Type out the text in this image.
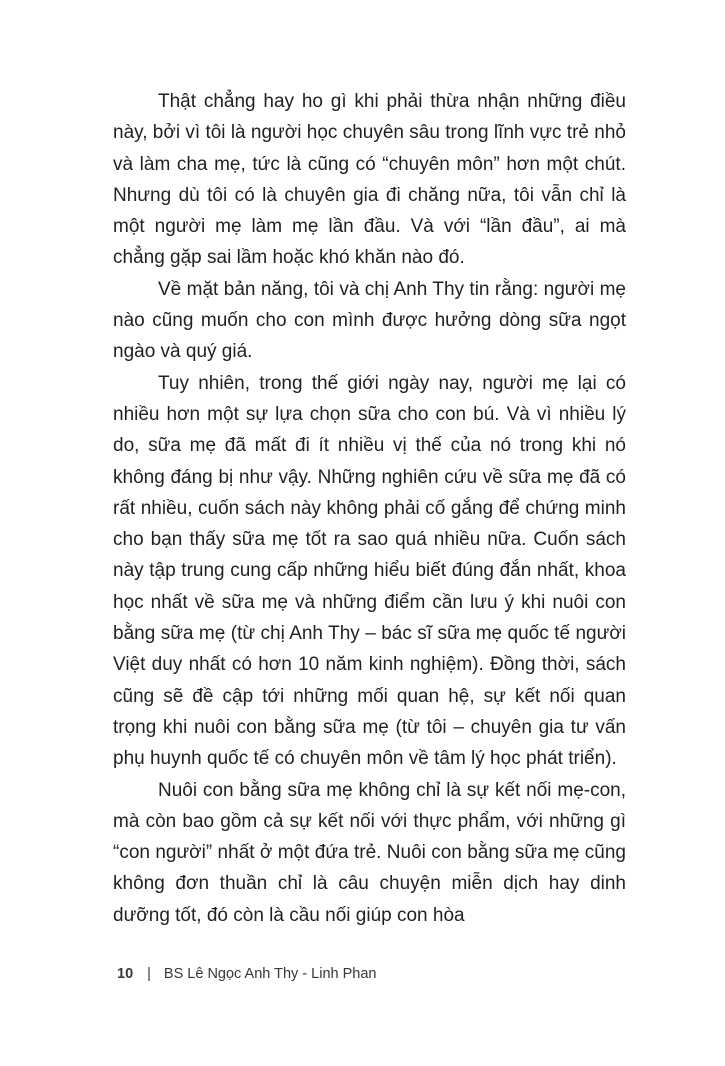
Thật chẳng hay ho gì khi phải thừa nhận những điều này, bởi vì tôi là người học chuyên sâu trong lĩnh vực trẻ nhỏ và làm cha mẹ, tức là cũng có “chuyên môn” hơn một chút. Nhưng dù tôi có là chuyên gia đi chăng nữa, tôi vẫn chỉ là một người mẹ làm mẹ lần đầu. Và với “lần đầu”, ai mà chẳng gặp sai lầm hoặc khó khăn nào đó.

Về mặt bản năng, tôi và chị Anh Thy tin rằng: người mẹ nào cũng muốn cho con mình được hưởng dòng sữa ngọt ngào và quý giá.

Tuy nhiên, trong thế giới ngày nay, người mẹ lại có nhiều hơn một sự lựa chọn sữa cho con bú. Và vì nhiều lý do, sữa mẹ đã mất đi ít nhiều vị thế của nó trong khi nó không đáng bị như vậy. Những nghiên cứu về sữa mẹ đã có rất nhiều, cuốn sách này không phải cố gắng để chứng minh cho bạn thấy sữa mẹ tốt ra sao quá nhiều nữa. Cuốn sách này tập trung cung cấp những hiểu biết đúng đắn nhất, khoa học nhất về sữa mẹ và những điểm cần lưu ý khi nuôi con bằng sữa mẹ (từ chị Anh Thy – bác sĩ sữa mẹ quốc tế người Việt duy nhất có hơn 10 năm kinh nghiệm). Đồng thời, sách cũng sẽ đề cập tới những mối quan hệ, sự kết nối quan trọng khi nuôi con bằng sữa mẹ (từ tôi – chuyên gia tư vấn phụ huynh quốc tế có chuyên môn về tâm lý học phát triển).

Nuôi con bằng sữa mẹ không chỉ là sự kết nối mẹ-con, mà còn bao gồm cả sự kết nối với thực phẩm, với những gì “con người” nhất ở một đứa trẻ. Nuôi con bằng sữa mẹ cũng không đơn thuần chỉ là câu chuyện miễn dịch hay dinh dưỡng tốt, đó còn là cầu nối giúp con hòa

10 | BS Lê Ngọc Anh Thy - Linh Phan
